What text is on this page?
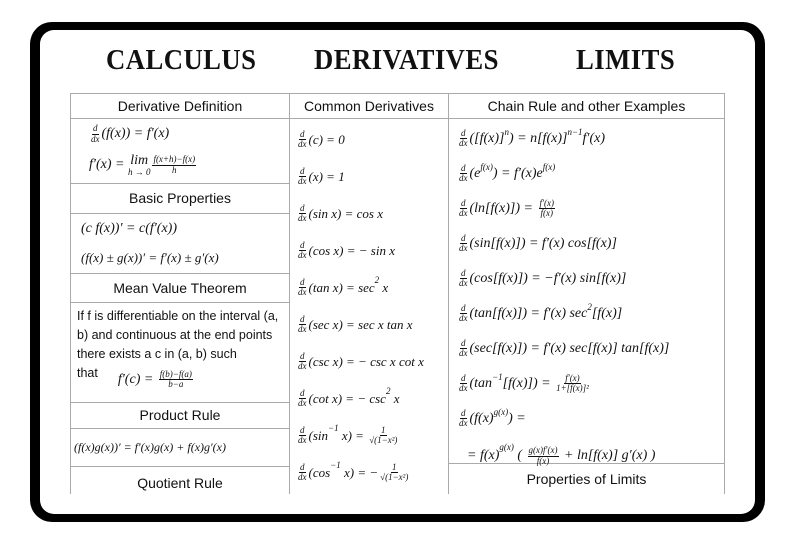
CALCULUS DERIVATIVES	LIMITS
Derivative Definition
$\frac{d}{dx} (f(x)) = f'(x)$
f′(x) = lim
$h \to 0 \frac{f(x+h)-f(x)}{h}$
Basic Properties
(c f(x))′ = c(f′(x))
(f(x) ± g(x))′ = f′(x) ± g′(x)
Mean Value Theorem
If f is differentiable on the interval (a, b) and continuous at the end points there exists a c in (a, b) such
that	$f'(c) = \frac{f(b)-f(a)}{b-a}$
Product Rule
(f(x)g(x))′ = f′(x)g(x) + f(x)g′(x)
Quotient Rule
Common Derivatives
$\frac{d}{dx} (c) = 0$
$\frac{d}{dx} (x) = 1$
$\frac{d}{dx} (\sin$ x) = cos x
$\frac{d}{dx} (\cos$ x) = − sin x
$\frac{d}{dx} (\tan$ x) = sec 2 x
$\frac{d}{dx} (\sec$ x) = sec x tan x
$\frac{d}{dx} (\csc$ x) = − csc x cot x
$\frac{d}{dx} (\cot$ x) = − csc 2 x
$\frac{d}{dx} (\sin -1$ $x) = \frac{1}{\text{√(1−x²)}}$
$\frac{d}{dx} (\cos -1$ x) = − $\frac{1}{\text{√(1−x²)}}$
Chain Rule and other Examples
$\frac{d}{dx} ([f(x)]$ n ) = n[f(x)] n−1 f′(x)
$\frac{d}{dx} (e$ f(x) ) = f′(x)e f(x)
$\frac{d}{dx} (\ln[f(x)]) = \frac{f'(x)}{f(x)}$
$\frac{d}{dx} (\sin[f(x)]) = f'(x)$ cos[f(x)]
$\frac{d}{dx} (\cos[f(x)]) = -f'(x)$ sin[f(x)]
$\frac{d}{dx} (\tan[f(x)]) = f'(x)$ sec 2 [f(x)]
$\frac{d}{dx} (\sec[f(x)]) = f'(x)$ sec[f(x)] tan[f(x)]
$\frac{d}{dx} (\tan -1$ $[f(x)]) = \frac{f'(x)}{\text{1+[f(x)]²}}$
$\frac{d}{dx} (f(x)$ g(x) ) =
= f(x)
g(x)
( $\frac{g(x)f'(x)}{f(x)} + \ln[f(x)]$ g′(x) )
Properties of Limits
